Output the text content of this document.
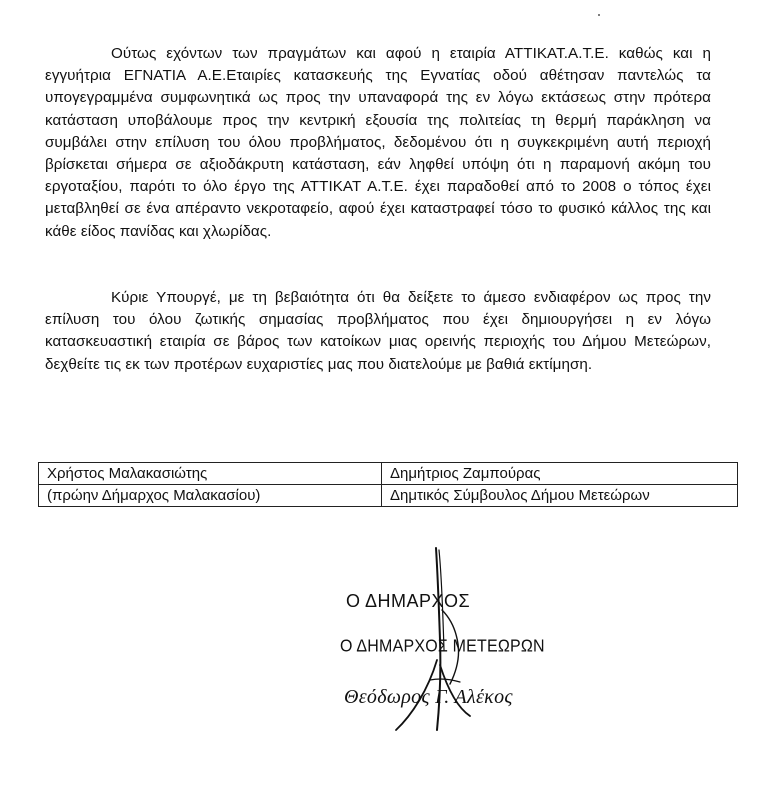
Ούτως εχόντων των πραγμάτων και αφού η εταιρία ΑΤΤΙΚΑΤ.Α.Τ.Ε. καθώς και η εγγυήτρια ΕΓΝΑΤΙΑ Α.Ε.Εταιρίες κατασκευής της Εγνατίας οδού αθέτησαν παντελώς τα υπογεγραμμένα συμφωνητικά ως προς την υπαναφορά της εν λόγω εκτάσεως στην πρότερα κατάσταση υποβάλουμε προς την κεντρική εξουσία της πολιτείας τη θερμή παράκληση να συμβάλει στην επίλυση του όλου προβλήματος, δεδομένου ότι η συγκεκριμένη αυτή περιοχή βρίσκεται σήμερα σε αξιοδάκρυτη κατάσταση, εάν ληφθεί υπόψη ότι η παραμονή ακόμη του εργοταξίου, παρότι το όλο έργο της ΑΤΤΙΚΑΤ Α.Τ.Ε. έχει παραδοθεί από το 2008 ο τόπος έχει μεταβληθεί σε ένα απέραντο νεκροταφείο, αφού έχει καταστραφεί τόσο το φυσικό κάλλος της και κάθε είδος πανίδας και χλωρίδας.

Κύριε Υπουργέ, με τη βεβαιότητα ότι θα δείξετε το άμεσο ενδιαφέρον ως προς την επίλυση του όλου ζωτικής σημασίας προβλήματος που έχει δημιουργήσει η εν λόγω κατασκευαστική εταιρία σε βάρος των κατοίκων μιας ορεινής περιοχής του Δήμου Μετεώρων, δεχθείτε τις εκ των προτέρων ευχαριστίες μας που διατελούμε με βαθιά εκτίμηση.

Χρήστος Μαλακασιώτης	Δημήτριος Ζαμπούρας
(πρώην Δήμαρχος Μαλακασίου)	Δημτικός Σύμβουλος Δήμου Μετεώρων
Ο ΔΗΜΑΡΧΟΣ
Ο ΔΗΜΑΡΧΟΣ ΜΕΤΕΩΡΩΝ
Θεόδωρος Γ. Αλέκος
